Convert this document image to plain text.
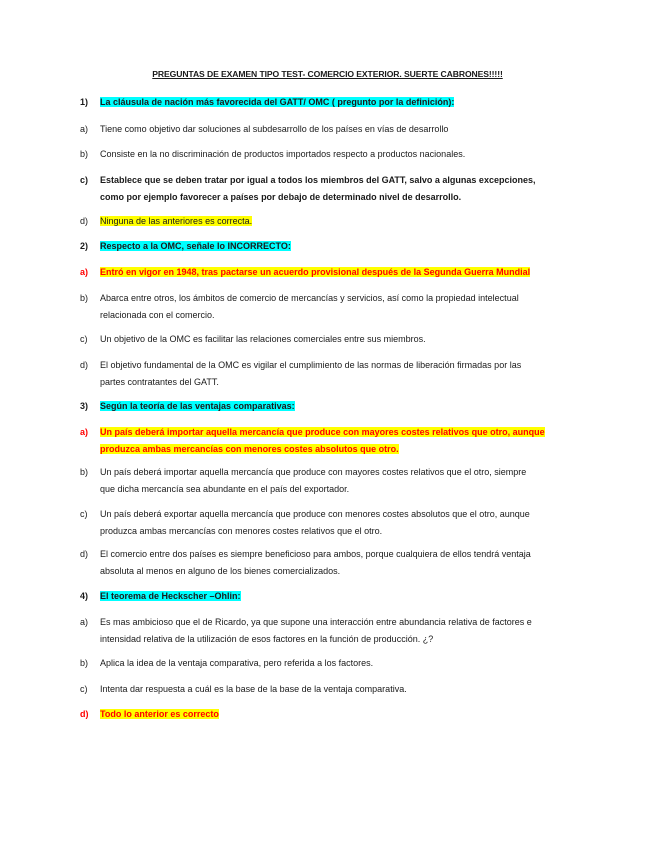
PREGUNTAS DE EXAMEN TIPO TEST- COMERCIO EXTERIOR. SUERTE CABRONES!!!!!
1)	La cláusula de nación más favorecida del GATT/ OMC ( pregunto por la definición):
a)	Tiene como objetivo dar soluciones al subdesarrollo de los países en vías de desarrollo
b)	Consiste en la no discriminación de productos importados respecto a productos nacionales.
c)	Establece que se deben tratar por igual a todos los miembros del GATT, salvo a algunas excepciones,
como por ejemplo favorecer a países por debajo de determinado nivel de desarrollo.
d)	Ninguna de las anteriores es correcta.
2)	Respecto a la OMC, señale lo INCORRECTO:
a)	Entró en vigor en 1948, tras pactarse un acuerdo provisional después de la Segunda Guerra Mundial
b)	Abarca entre otros, los ámbitos de comercio de mercancías y servicios, así como la propiedad intelectual
relacionada con el comercio.
c)	Un objetivo de la OMC es facilitar las relaciones comerciales entre sus miembros.
d)	El objetivo fundamental de la OMC es vigilar el cumplimiento de las normas de liberación firmadas por las
partes contratantes del GATT.
3)	Según la teoría de las ventajas comparativas:
a)	Un país deberá importar aquella mercancía que produce con mayores costes relativos que otro, aunque
produzca ambas mercancías con menores costes absolutos que otro.
b)	Un país deberá importar aquella mercancía que produce con mayores costes relativos que el otro, siempre
que dicha mercancía sea abundante en el país del exportador.
c)	Un país deberá exportar aquella mercancía que produce con menores costes absolutos que el otro, aunque
produzca ambas mercancías con menores costes relativos que el otro.
d)	El comercio entre dos países es siempre beneficioso para ambos, porque cualquiera de ellos tendrá ventaja
absoluta al menos en alguno de los bienes comercializados.
4)	El teorema de Heckscher –Ohlin:
a)	Es mas ambicioso que el de Ricardo, ya que supone una interacción entre abundancia relativa de factores e
intensidad relativa de la utilización de esos factores en la función de producción. ¿?
b)	Aplica la idea de la ventaja comparativa, pero referida a los factores.
c)	Intenta dar respuesta a cuál es la base de la base de la ventaja comparativa.
d)	Todo lo anterior es correcto
